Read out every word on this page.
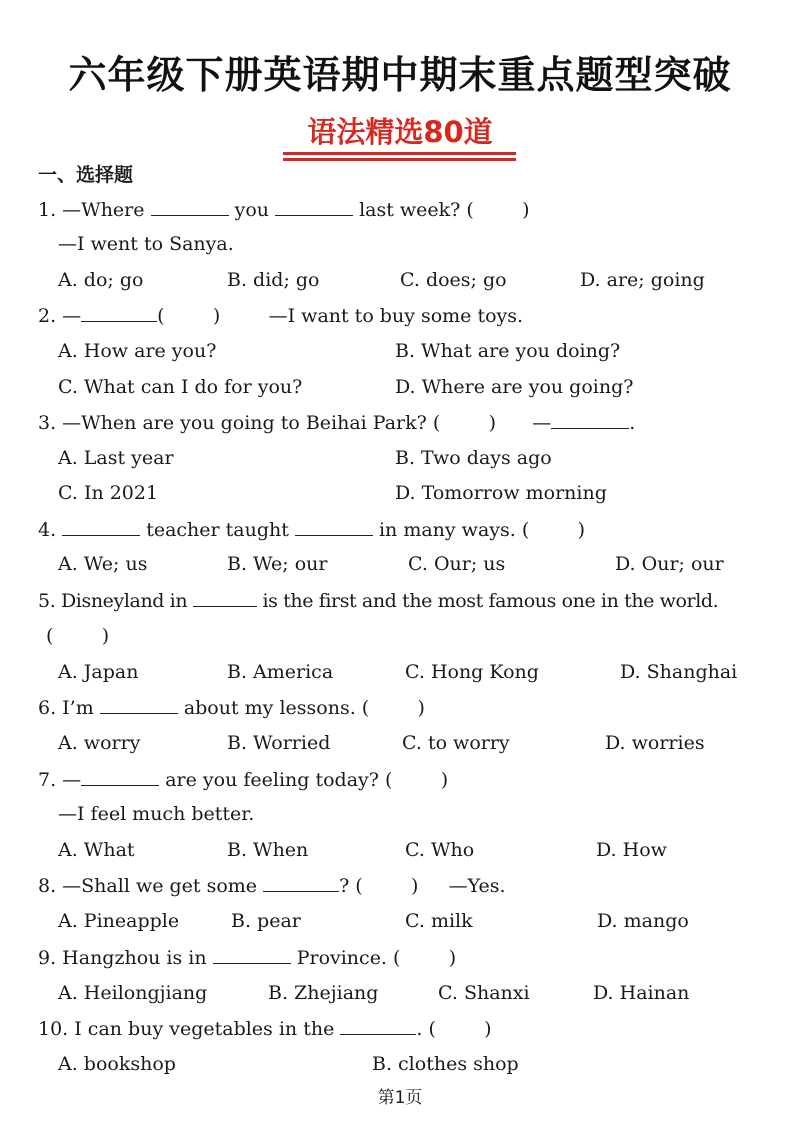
六年级下册英语期中期末重点题型突破
语法精选80道
一、选择题
1. —Where	you	last week? (        )
—I went to Sanya.
A. do; go	B. did; go	C. does; go	D. are; going
2. —	(        )        —I want to buy some toys.
A. How are you?	B. What are you doing?
C. What can I do for you?	D. Where are you going?
3. —When are you going to Beihai Park? (        )      —	.
A. Last year	B. Two days ago
C. In 2021	D. Tomorrow morning
4.	teacher taught	in many ways. (        )
A. We; us	B. We; our	C. Our; us	D. Our; our
5. Disneyland in	is the first and the most famous one in the world.
(        )
A. Japan	B. America	C. Hong Kong	D. Shanghai
6. I’m	about my lessons. (        )
A. worry	B. Worried	C. to worry	D. worries
7. —	are you feeling today? (        )
—I feel much better.
A. What	B. When	C. Who	D. How
8. —Shall we get some	? (        )     —Yes.
A. Pineapple	B. pear	C. milk	D. mango
9. Hangzhou is in	Province. (        )
A. Heilongjiang	B. Zhejiang	C. Shanxi	D. Hainan
10. I can buy vegetables in the	. (        )
A. bookshop	B. clothes shop
第1页
